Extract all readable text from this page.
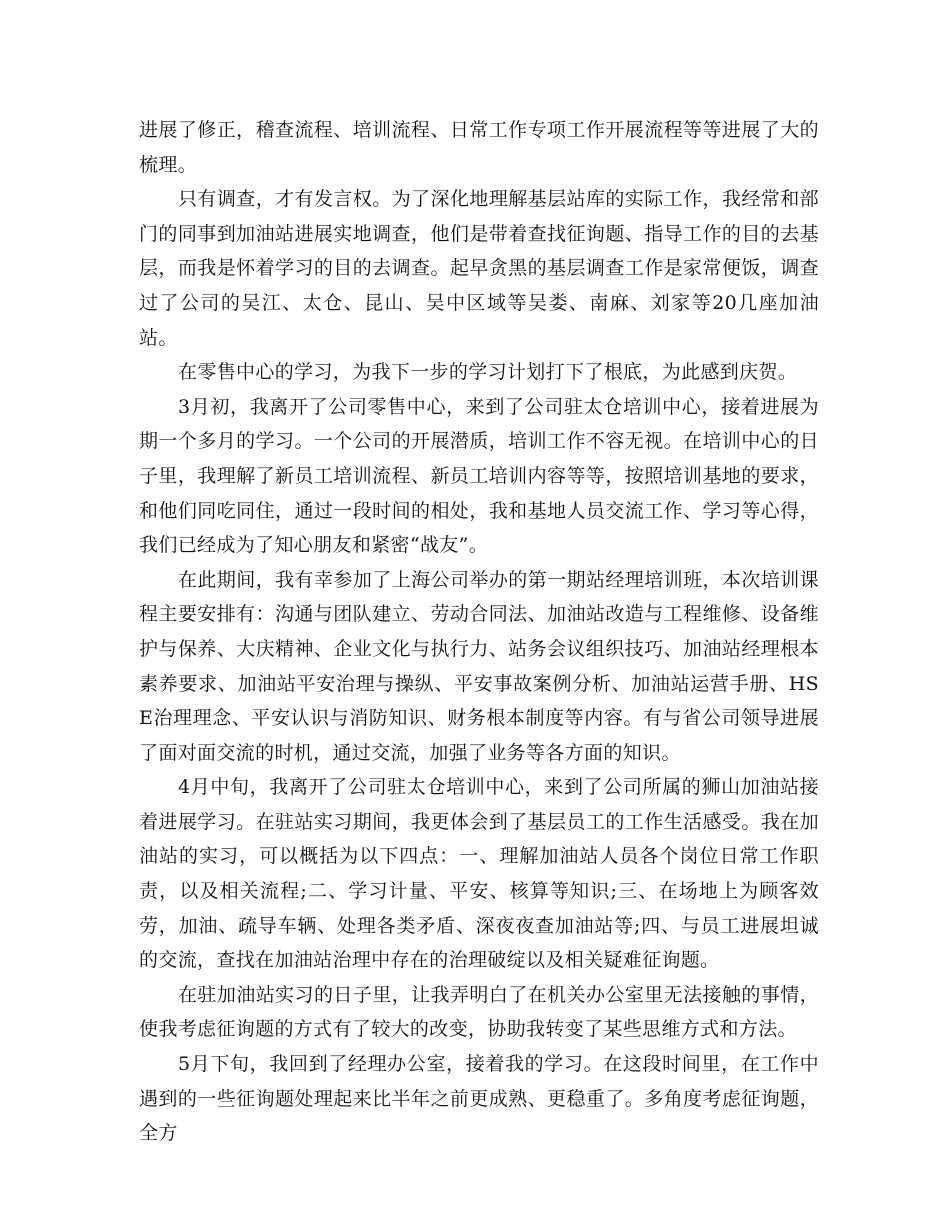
进展了修正，稽查流程、培训流程、日常工作专项工作开展流程等等进展了大的梳理。

只有调查，才有发言权。为了深化地理解基层站库的实际工作，我经常和部门的同事到加油站进展实地调查，他们是带着查找征询题、指导工作的目的去基层，而我是怀着学习的目的去调查。起早贪黑的基层调查工作是家常便饭，调查过了公司的吴江、太仓、昆山、吴中区域等吴娄、南麻、刘家等20几座加油站。

在零售中心的学习，为我下一步的学习计划打下了根底，为此感到庆贺。

3月初，我离开了公司零售中心，来到了公司驻太仓培训中心，接着进展为期一个多月的学习。一个公司的开展潜质，培训工作不容无视。在培训中心的日子里，我理解了新员工培训流程、新员工培训内容等等，按照培训基地的要求，和他们同吃同住，通过一段时间的相处，我和基地人员交流工作、学习等心得，我们已经成为了知心朋友和紧密“战友”。

在此期间，我有幸参加了上海公司举办的第一期站经理培训班，本次培训课程主要安排有：沟通与团队建立、劳动合同法、加油站改造与工程维修、设备维护与保养、大庆精神、企业文化与执行力、站务会议组织技巧、加油站经理根本素养要求、加油站平安治理与操纵、平安事故案例分析、加油站运营手册、HSE治理理念、平安认识与消防知识、财务根本制度等内容。有与省公司领导进展了面对面交流的时机，通过交流，加强了业务等各方面的知识。

4月中旬，我离开了公司驻太仓培训中心，来到了公司所属的狮山加油站接着进展学习。在驻站实习期间，我更体会到了基层员工的工作生活感受。我在加油站的实习，可以概括为以下四点：一、理解加油站人员各个岗位日常工作职责，以及相关流程;二、学习计量、平安、核算等知识;三、在场地上为顾客效劳，加油、疏导车辆、处理各类矛盾、深夜夜查加油站等;四、与员工进展坦诚的交流，查找在加油站治理中存在的治理破绽以及相关疑难征询题。

在驻加油站实习的日子里，让我弄明白了在机关办公室里无法接触的事情，使我考虑征询题的方式有了较大的改变，协助我转变了某些思维方式和方法。

5月下旬，我回到了经理办公室，接着我的学习。在这段时间里，在工作中遇到的一些征询题处理起来比半年之前更成熟、更稳重了。多角度考虑征询题，全方
